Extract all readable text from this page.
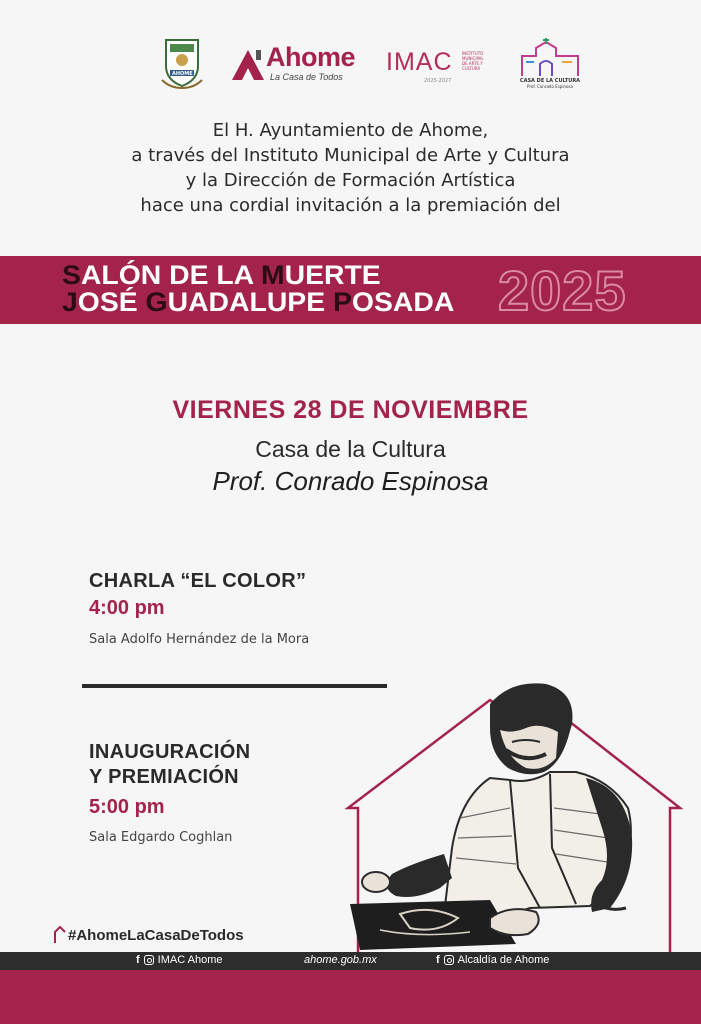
AHOME
Ahome
La Casa de Todos
IMAC INSTITUTO MUNICIPAL DE ARTE Y CULTURA
2025-2027	CASA DE LA CULTURA
Prof. Conrado Espinosa
El H. Ayuntamiento de Ahome,
a través del Instituto Municipal de Arte y Cultura
y la Dirección de Formación Artística
hace una cordial invitación a la premiación del
SALÓN DE LA MUERTE
JOSÉ GUADALUPE POSADA 2025
VIERNES 28 DE NOVIEMBRE
Casa de la Cultura
Prof. Conrado Espinosa
CHARLA “EL COLOR”
4:00 pm
Sala Adolfo Hernández de la Mora
INAUGURACIÓN
Y PREMIACIÓN
5:00 pm
Sala Edgardo Coghlan
#AhomeLaCasaDeTodos
f IMAC Ahome	ahome.gob.mx	f Alcaldía de Ahome
